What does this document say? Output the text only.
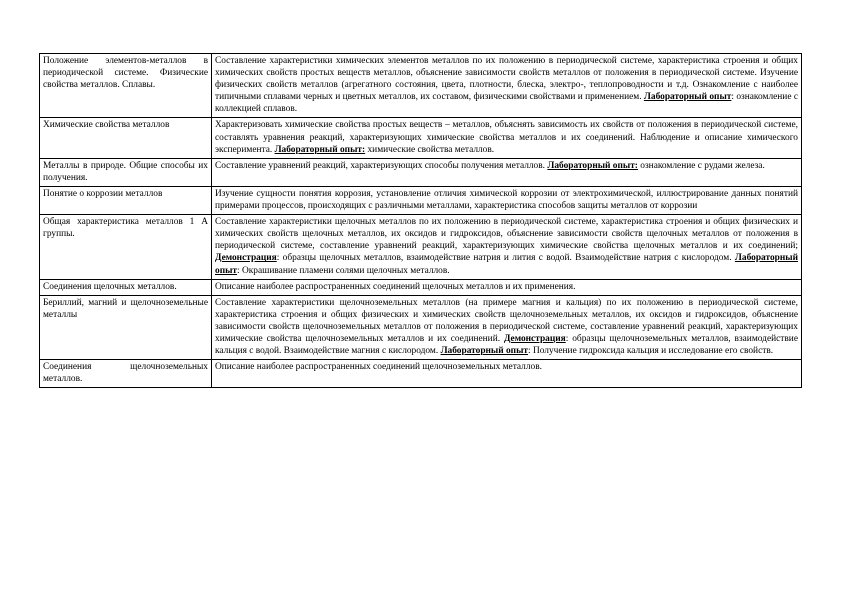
Положение элементов-металлов в периодической системе. Физические свойства металлов. Сплавы.	Составление характеристики химических элементов металлов по их положению в периодической системе, характеристика строения и общих химических свойств простых веществ металлов, объяснение зависимости свойств металлов от положения в периодической системе. Изучение физических свойств металлов (агрегатного состояния, цвета, плотности, блеска, электро-, теплопроводности и т.д. Ознакомление с наиболее типичными сплавами черных и цветных металлов, их составом, физическими свойствами и применением. Лабораторный опыт: ознакомление с коллекцией сплавов.
Химические свойства металлов	Характеризовать химические свойства простых веществ – металлов, объяснять зависимость их свойств от положения в периодической системе, составлять уравнения реакций, характеризующих химические свойства металлов и их соединений. Наблюдение и описание химического эксперимента. Лабораторный опыт: химические свойства металлов.
Металлы в природе. Общие способы их получения.	Составление уравнений реакций, характеризующих способы получения металлов. Лабораторный опыт: ознакомление с рудами железа.
Понятие о коррозии металлов	Изучение сущности понятия коррозия, установление отличия химической коррозии от электрохимической, иллюстрирование данных понятий примерами процессов, происходящих с различными металлами, характеристика способов защиты металлов от коррозии
Общая характеристика металлов 1 А группы.	Составление характеристики щелочных металлов по их положению в периодической системе, характеристика строения и общих физических и химических свойств щелочных металлов, их оксидов и гидроксидов, объяснение зависимости свойств щелочных металлов от положения в периодической системе, составление уравнений реакций, характеризующих химические свойства щелочных металлов и их соединений; Демонстрация: образцы щелочных металлов, взаимодействие натрия и лития с водой. Взаимодействие натрия с кислородом. Лабораторный опыт: Окрашивание пламени солями щелочных металлов.
Соединения щелочных металлов.	Описание наиболее распространенных соединений щелочных металлов и их применения.
Бериллий, магний и щелочноземельные металлы	Составление характеристики щелочноземельных металлов (на примере магния и кальция) по их положению в периодической системе, характеристика строения и общих физических и химических свойств щелочноземельных металлов, их оксидов и гидроксидов, объяснение зависимости свойств щелочноземельных металлов от положения в периодической системе, составление уравнений реакций, характеризующих химические свойства щелочноземельных металлов и их соединений. Демонстрация: образцы щелочноземельных металлов, взаимодействие кальция с водой. Взаимодействие магния с кислородом. Лабораторный опыт: Получение гидроксида кальция и исследование его свойств.
Соединения щелочноземельных металлов.	Описание наиболее распространенных соединений щелочноземельных металлов.
